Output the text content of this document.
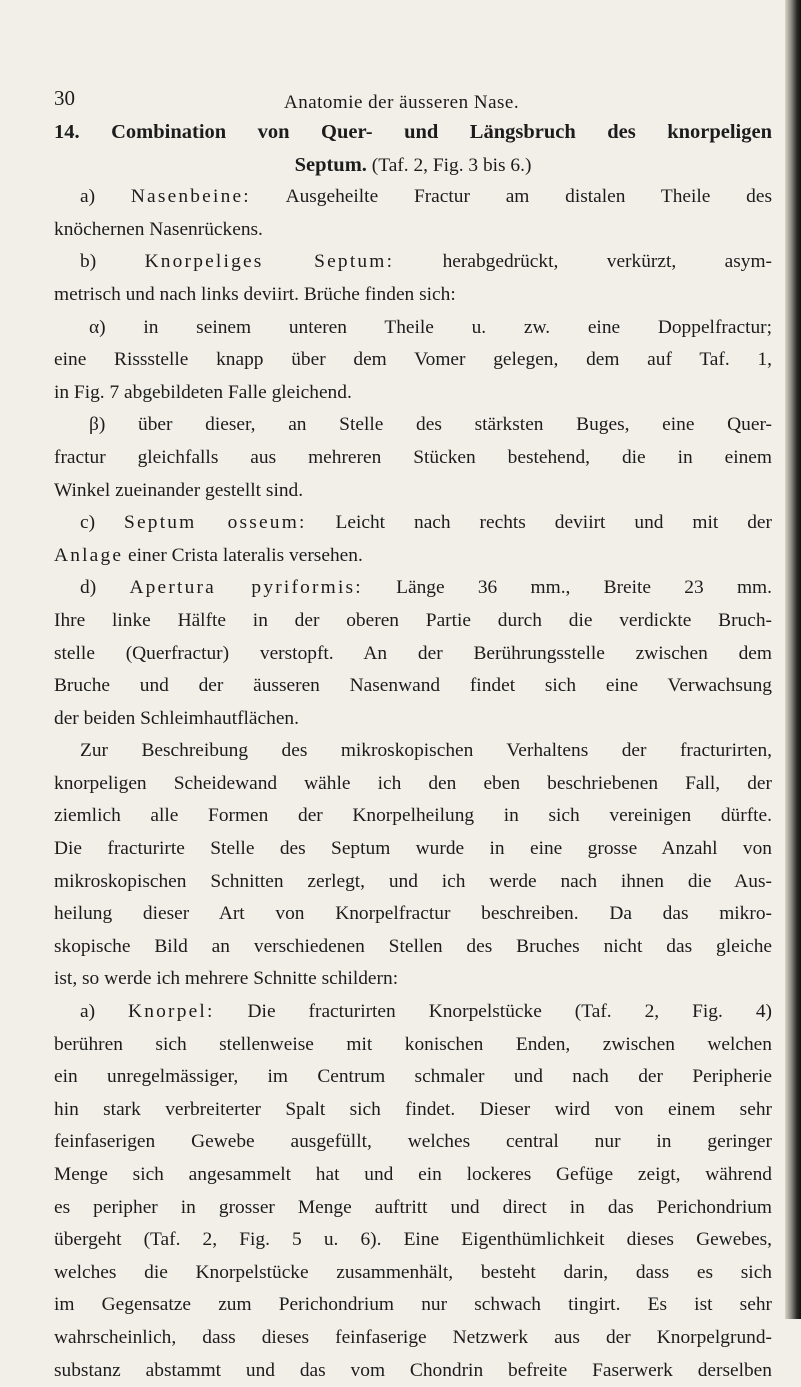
30	Anatomie der äusseren Nase.
14. Combination von Quer- und Längsbruch des knorpeligen
Septum. (Taf. 2, Fig. 3 bis 6.)
a) Nasenbeine: Ausgeheilte Fractur am distalen Theile des
knöchernen Nasenrückens.
b) Knorpeliges Septum: herabgedrückt, verkürzt, asym-
metrisch und nach links deviirt. Brüche finden sich:
α) in seinem unteren Theile u. zw. eine Doppelfractur;
eine Rissstelle knapp über dem Vomer gelegen, dem auf Taf. 1,
in Fig. 7 abgebildeten Falle gleichend.
β) über dieser, an Stelle des stärksten Buges, eine Quer-
fractur gleichfalls aus mehreren Stücken bestehend, die in einem
Winkel zueinander gestellt sind.
c) Septum osseum: Leicht nach rechts deviirt und mit der
Anlage einer Crista lateralis versehen.
d) Apertura pyriformis: Länge 36 mm., Breite 23 mm.
Ihre linke Hälfte in der oberen Partie durch die verdickte Bruch-
stelle (Querfractur) verstopft. An der Berührungsstelle zwischen dem
Bruche und der äusseren Nasenwand findet sich eine Verwachsung
der beiden Schleimhautflächen.
Zur Beschreibung des mikroskopischen Verhaltens der fracturirten,
knorpeligen Scheidewand wähle ich den eben beschriebenen Fall, der
ziemlich alle Formen der Knorpelheilung in sich vereinigen dürfte.
Die fracturirte Stelle des Septum wurde in eine grosse Anzahl von
mikroskopischen Schnitten zerlegt, und ich werde nach ihnen die Aus-
heilung dieser Art von Knorpelfractur beschreiben. Da das mikro-
skopische Bild an verschiedenen Stellen des Bruches nicht das gleiche
ist, so werde ich mehrere Schnitte schildern:
a) Knorpel: Die fracturirten Knorpelstücke (Taf. 2, Fig. 4)
berühren sich stellenweise mit konischen Enden, zwischen welchen
ein unregelmässiger, im Centrum schmaler und nach der Peripherie
hin stark verbreiterter Spalt sich findet. Dieser wird von einem sehr
feinfaserigen Gewebe ausgefüllt, welches central nur in geringer
Menge sich angesammelt hat und ein lockeres Gefüge zeigt, während
es peripher in grosser Menge auftritt und direct in das Perichondrium
übergeht (Taf. 2, Fig. 5 u. 6). Eine Eigenthümlichkeit dieses Gewebes,
welches die Knorpelstücke zusammenhält, besteht darin, dass es sich
im Gegensatze zum Perichondrium nur schwach tingirt. Es ist sehr
wahrscheinlich, dass dieses feinfaserige Netzwerk aus der Knorpelgrund-
substanz abstammt und das vom Chondrin befreite Faserwerk derselben
